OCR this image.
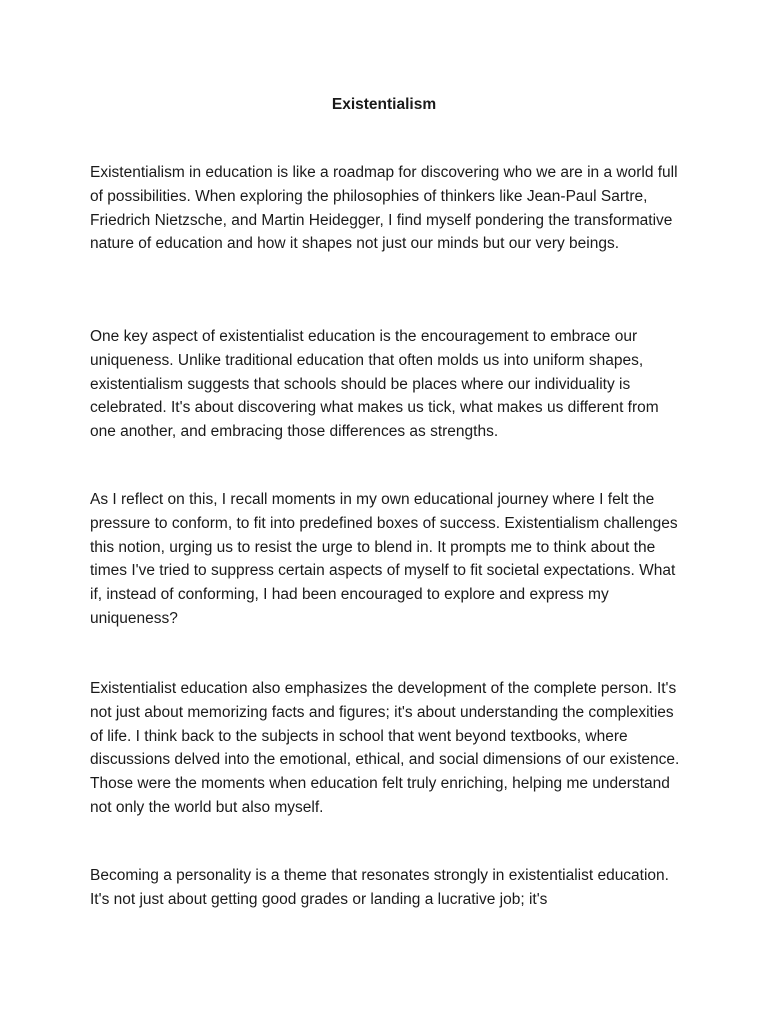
Existentialism

Existentialism in education is like a roadmap for discovering who we are in a world full of possibilities. When exploring the philosophies of thinkers like Jean-Paul Sartre, Friedrich Nietzsche, and Martin Heidegger, I find myself pondering the transformative nature of education and how it shapes not just our minds but our very beings.

One key aspect of existentialist education is the encouragement to embrace our uniqueness. Unlike traditional education that often molds us into uniform shapes, existentialism suggests that schools should be places where our individuality is celebrated. It's about discovering what makes us tick, what makes us different from one another, and embracing those differences as strengths.

As I reflect on this, I recall moments in my own educational journey where I felt the pressure to conform, to fit into predefined boxes of success. Existentialism challenges this notion, urging us to resist the urge to blend in. It prompts me to think about the times I've tried to suppress certain aspects of myself to fit societal expectations. What if, instead of conforming, I had been encouraged to explore and express my uniqueness?

Existentialist education also emphasizes the development of the complete person. It's not just about memorizing facts and figures; it's about understanding the complexities of life. I think back to the subjects in school that went beyond textbooks, where discussions delved into the emotional, ethical, and social dimensions of our existence. Those were the moments when education felt truly enriching, helping me understand not only the world but also myself.

Becoming a personality is a theme that resonates strongly in existentialist education. It's not just about getting good grades or landing a lucrative job; it's
